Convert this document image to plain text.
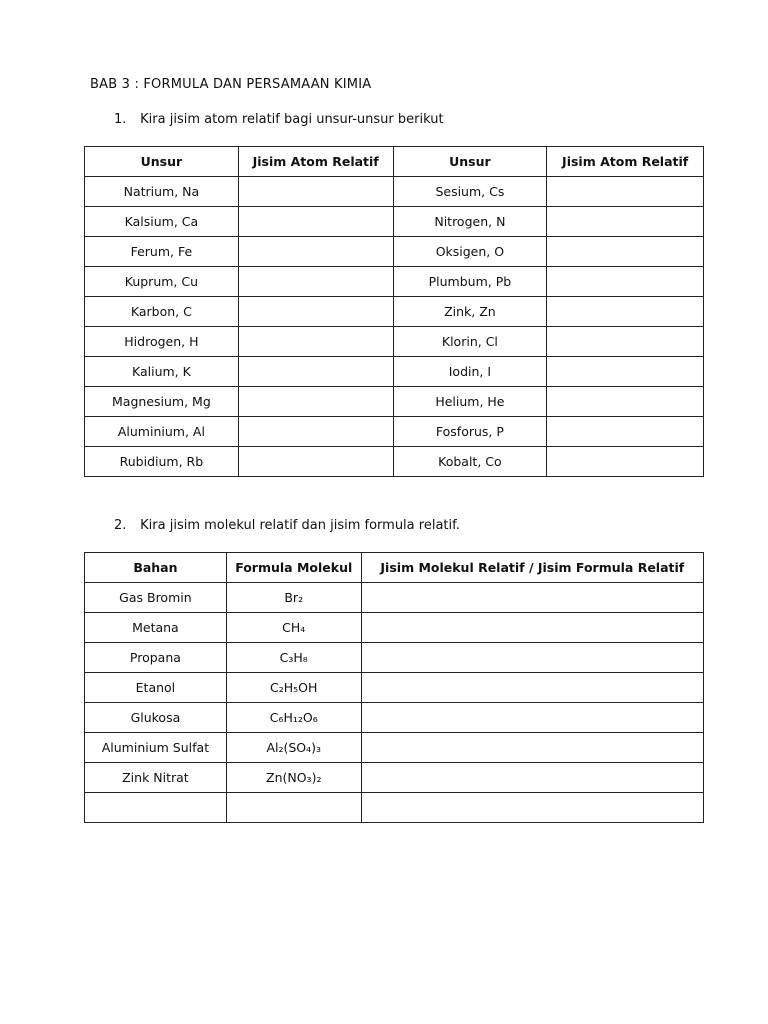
BAB 3 : FORMULA DAN PERSAMAAN KIMIA
1. Kira jisim atom relatif bagi unsur-unsur berikut
Unsur	Jisim Atom Relatif	Unsur	Jisim Atom Relatif
Natrium, Na		Sesium, Cs	
Kalsium, Ca		Nitrogen, N	
Ferum, Fe		Oksigen, O	
Kuprum, Cu		Plumbum, Pb	
Karbon, C		Zink, Zn	
Hidrogen, H		Klorin, Cl	
Kalium, K		Iodin, I	
Magnesium, Mg		Helium, He	
Aluminium, Al		Fosforus, P	
Rubidium, Rb		Kobalt, Co	
2. Kira jisim molekul relatif dan jisim formula relatif.
Bahan	Formula Molekul	Jisim Molekul Relatif / Jisim Formula Relatif
Gas Bromin	Br₂	
Metana	CH₄	
Propana	C₃H₈	
Etanol	C₂H₅OH	
Glukosa	C₆H₁₂O₆	
Aluminium Sulfat	Al₂(SO₄)₃	
Zink Nitrat	Zn(NO₃)₂	
